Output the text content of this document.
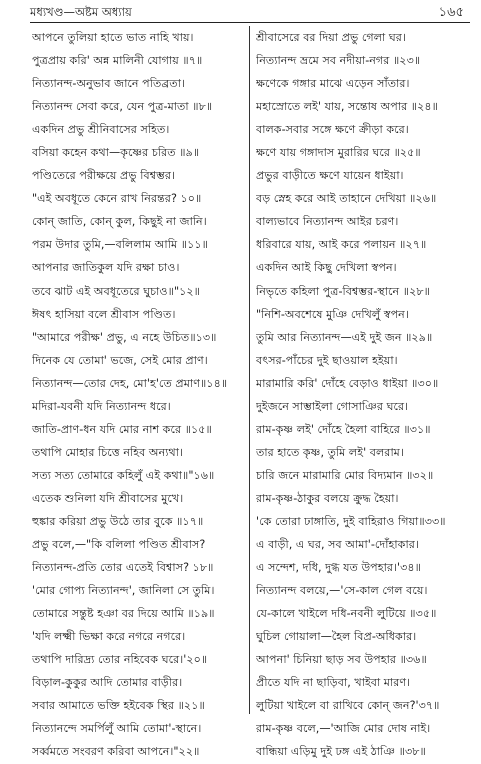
মধ্যখণ্ড—অষ্টম অধ্যায়	১৬৫
আপনে তুলিয়া হাতে ভাত নাহি খায়।
পুত্রপ্রায় করি' অন্ন মালিনী যোগায় ॥৭॥
নিত্যানন্দ-অনুভাব জানে পতিব্রতা।
নিত্যানন্দ সেবা করে, যেন পুত্র-মাতা ॥৮॥
একদিন প্রভু শ্রীনিবাসের সহিত।
বসিয়া কহেন কথা—কৃষ্ণের চরিত ॥৯॥
পণ্ডিতেরে পরীক্ষয়ে প্রভু বিশ্বম্ভর।
"এই অবধূতে কেনে রাখ নিরন্তর? ১০॥
কোন্ জাতি, কোন্ কুল, কিছুই না জানি।
পরম উদার তুমি,—বলিলাম আমি ॥১১॥
আপনার জাতিকুল যদি রক্ষা চাও।
তবে ঝাট এই অবধূতেরে ঘুচাও॥"১২॥
ঈষৎ হাসিয়া বলে শ্রীবাস পণ্ডিত।
"আমারে পরীক্ষ' প্রভু, এ নহে উচিত॥১৩॥
দিনেক যে তোমা' ভজে, সেই মোর প্রাণ।
নিত্যানন্দ—তোর দেহ, মো'হ'তে প্রমাণ॥১৪॥
মদিরা-যবনী যদি নিত্যানন্দ ধরে।
জাতি-প্রাণ-ধন যদি মোর নাশ করে ॥১৫॥
তথাপি মোহার চিত্তে নহিব অন্যথা।
সত্য সত্য তোমারে কহিলুঁ এই কথা॥"১৬॥
এতেক শুনিলা যদি শ্রীবাসের মুখে।
হুঙ্কার করিয়া প্রভু উঠে তার বুকে ॥১৭॥
প্রভু বলে,—"কি বলিলা পণ্ডিত শ্রীবাস?
নিত্যানন্দ-প্রতি তোর এতেই বিশ্বাস? ১৮॥
'মোর গোপ্য নিত্যানন্দ', জানিলা সে তুমি।
তোমারে সন্তুষ্ট হঞা বর দিয়ে আমি ॥১৯॥
'যদি লক্ষ্মী ভিক্ষা করে নগরে নগরে।
তথাপি দারিদ্র্য তোর নহিবেক ঘরে।'২০॥
বিড়াল-কুকুর আদি তোমার বাড়ীর।
সবার আমাতে ভক্তি হইবেক স্থির ॥২১॥
নিত্যানন্দে সমর্পিলুঁ আমি তোমা'-স্থানে।
সর্ব্বমতে সংবরণ করিবা আপনে।"২২॥
শ্রীবাসেরে বর দিয়া প্রভু গেলা ঘর।
নিত্যানন্দ ভ্রমে সব নদীয়া-নগর ॥২৩॥
ক্ষণেকে গঙ্গার মাঝে এড়েন সাঁতার।
মহাস্রোতে লই' যায়, সন্তোষ অপার ॥২৪॥
বালক-সবার সঙ্গে ক্ষণে ক্রীড়া করে।
ক্ষণে যায় গঙ্গাদাস মুরারির ঘরে ॥২৫॥
প্রভুর বাড়ীতে ক্ষণে যায়েন ধাইয়া।
বড় স্নেহ করে আই তাহানে দেখিয়া ॥২৬॥
বাল্যভাবে নিত্যানন্দ আইর চরণ।
ধরিবারে যায়, আই করে পলায়ন ॥২৭॥
একদিন আই কিছু দেখিলা স্বপন।
নিভৃতে কহিলা পুত্র-বিশ্বম্ভর-স্থানে ॥২৮॥
"নিশি-অবশেষে মুঞি দেখিলুঁ স্বপন।
তুমি আর নিত্যানন্দ—এই দুই জন ॥২৯॥
বৎসর-পাঁচের দুই ছাওয়াল হইয়া।
মারামারি করি' দোঁহে বেড়াও ধাইয়া ॥৩০॥
দুইজনে সাম্ভাইলা গোসাঞির ঘরে।
রাম-কৃষ্ণ লই' দোঁহে হৈলা বাহিরে ॥৩১॥
তার হাতে কৃষ্ণ, তুমি লই' বলরাম।
চারি জনে মারামারি মোর বিদ্যমান ॥৩২॥
রাম-কৃষ্ণ-ঠাকুর বলয়ে ক্রুদ্ধ হৈয়া।
'কে তোরা ঢাঙ্গাতি, দুই বাহিরাও গিয়া॥৩৩॥
এ বাড়ী, এ ঘর, সব আমা'-দোঁহাকার।
এ সন্দেশ, দধি, দুগ্ধ যত উপহার।'৩৪॥
নিত্যানন্দ বলয়ে,—'সে-কাল গেল বয়ে।
যে-কালে খাইলে দধি-নবনী লুটিয়ে ॥৩৫॥
ঘুচিল গোয়ালা—হৈল বিপ্র-অধিকার।
আপনা' চিনিয়া ছাড় সব উপহার ॥৩৬॥
প্রীতে যদি না ছাড়িবা, খাইবা মারণ।
লুটিয়া খাইলে বা রাখিবে কোন্ জন?'৩৭॥
রাম-কৃষ্ণ বলে,—'আজি মোর দোষ নাই।
বান্ধিয়া এড়িমু দুই ঢঙ্গ এই ঠাঞি ॥৩৮॥
